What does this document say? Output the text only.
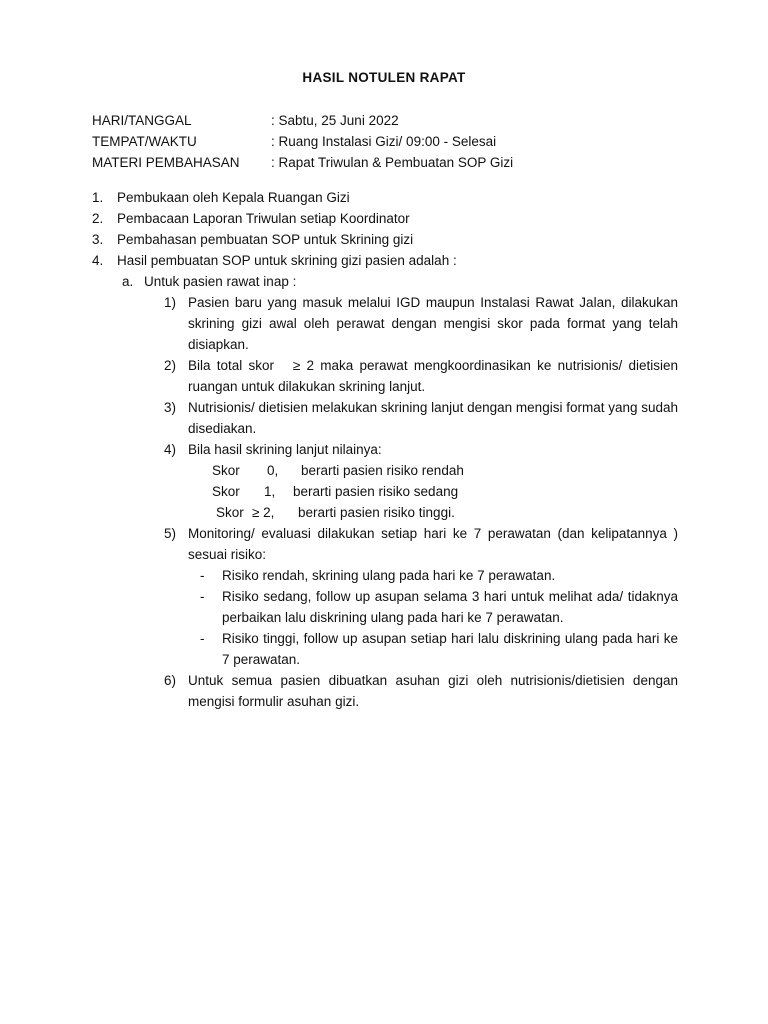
HASIL NOTULEN RAPAT
HARI/TANGGAL	: Sabtu, 25 Juni 2022
TEMPAT/WAKTU	: Ruang Instalasi Gizi/ 09:00 - Selesai
MATERI PEMBAHASAN : Rapat Triwulan & Pembuatan SOP Gizi
1. Pembukaan oleh Kepala Ruangan Gizi
2. Pembacaan Laporan Triwulan setiap Koordinator
3. Pembahasan pembuatan SOP untuk Skrining gizi
4. Hasil pembuatan SOP untuk skrining gizi pasien adalah :
a. Untuk pasien rawat inap :
1) Pasien baru yang masuk melalui IGD maupun Instalasi Rawat Jalan, dilakukan skrining gizi awal oleh perawat dengan mengisi skor pada format yang telah disiapkan.
2) Bila total skor   ≥ 2 maka perawat mengkoordinasikan ke nutrisionis/ dietisien ruangan untuk dilakukan skrining lanjut.
3) Nutrisionis/ dietisien melakukan skrining lanjut dengan mengisi format yang sudah disediakan.
4) Bila hasil skrining lanjut nilainya:
Skor 0, berarti pasien risiko rendah
Skor 1, berarti pasien risiko sedang
Skor ≥ 2, berarti pasien risiko tinggi.
5) Monitoring/ evaluasi dilakukan setiap hari ke 7 perawatan (dan kelipatannya ) sesuai risiko:
- Risiko rendah, skrining ulang pada hari ke 7 perawatan.
- Risiko sedang, follow up asupan selama 3 hari untuk melihat ada/ tidaknya perbaikan lalu diskrining ulang pada hari ke 7 perawatan.
- Risiko tinggi, follow up asupan setiap hari lalu diskrining ulang pada hari ke 7 perawatan.
6) Untuk semua pasien dibuatkan asuhan gizi oleh nutrisionis/dietisien dengan mengisi formulir asuhan gizi.
